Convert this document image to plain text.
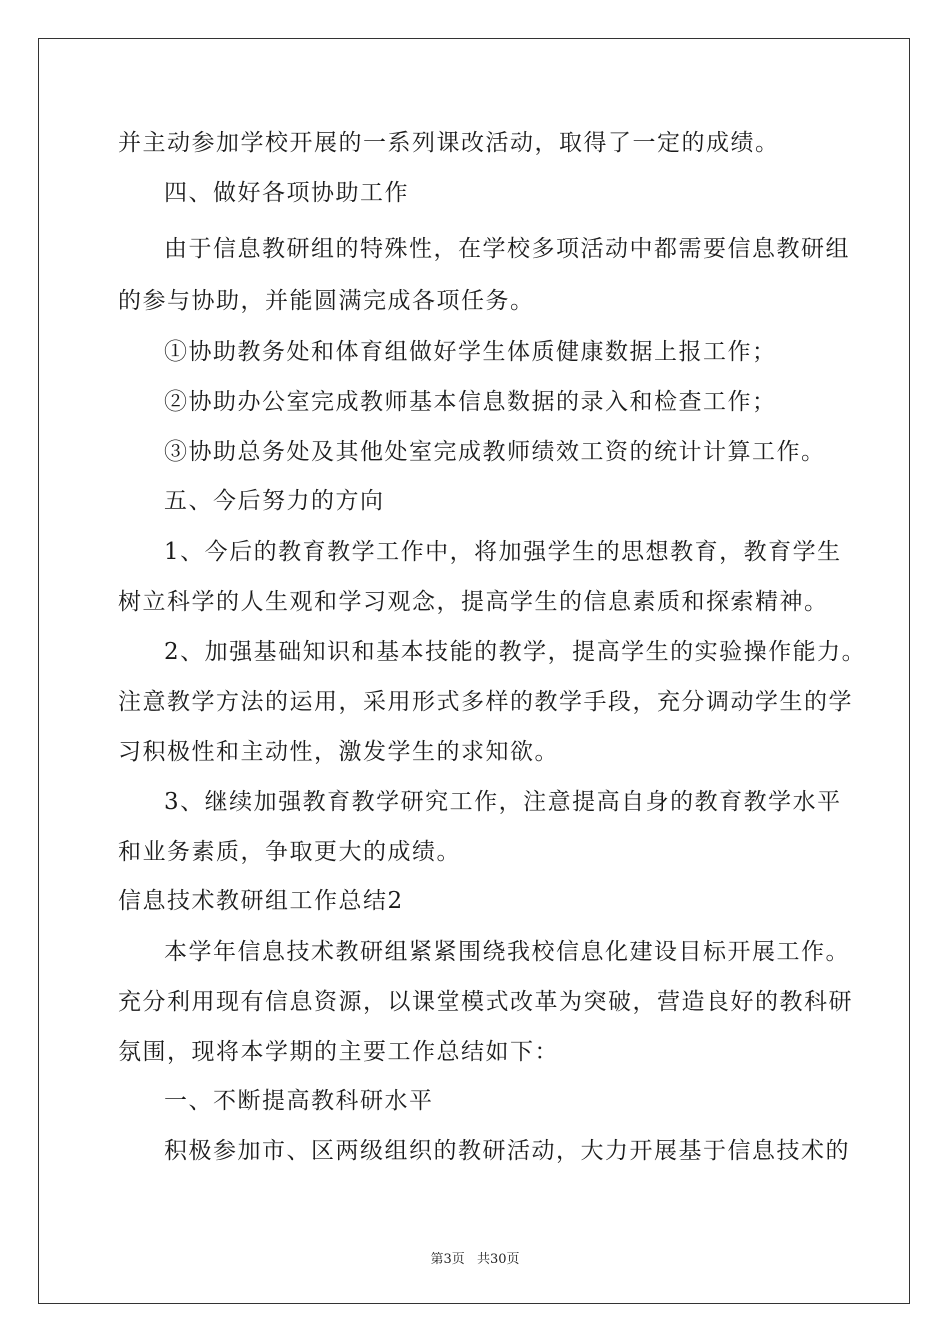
并主动参加学校开展的一系列课改活动，取得了一定的成绩。
四、做好各项协助工作
由于信息教研组的特殊性，在学校多项活动中都需要信息教研组
的参与协助，并能圆满完成各项任务。
①协助教务处和体育组做好学生体质健康数据上报工作；
②协助办公室完成教师基本信息数据的录入和检查工作；
③协助总务处及其他处室完成教师绩效工资的统计计算工作。
五、今后努力的方向
1、今后的教育教学工作中，将加强学生的思想教育，教育学生
树立科学的人生观和学习观念，提高学生的信息素质和探索精神。
2、加强基础知识和基本技能的教学，提高学生的实验操作能力。
注意教学方法的运用，采用形式多样的教学手段，充分调动学生的学
习积极性和主动性，激发学生的求知欲。
3、继续加强教育教学研究工作，注意提高自身的教育教学水平
和业务素质，争取更大的成绩。
信息技术教研组工作总结2
本学年信息技术教研组紧紧围绕我校信息化建设目标开展工作。
充分利用现有信息资源，以课堂模式改革为突破，营造良好的教科研
氛围，现将本学期的主要工作总结如下：
一、不断提高教科研水平
积极参加市、区两级组织的教研活动，大力开展基于信息技术的
第3页 共30页
